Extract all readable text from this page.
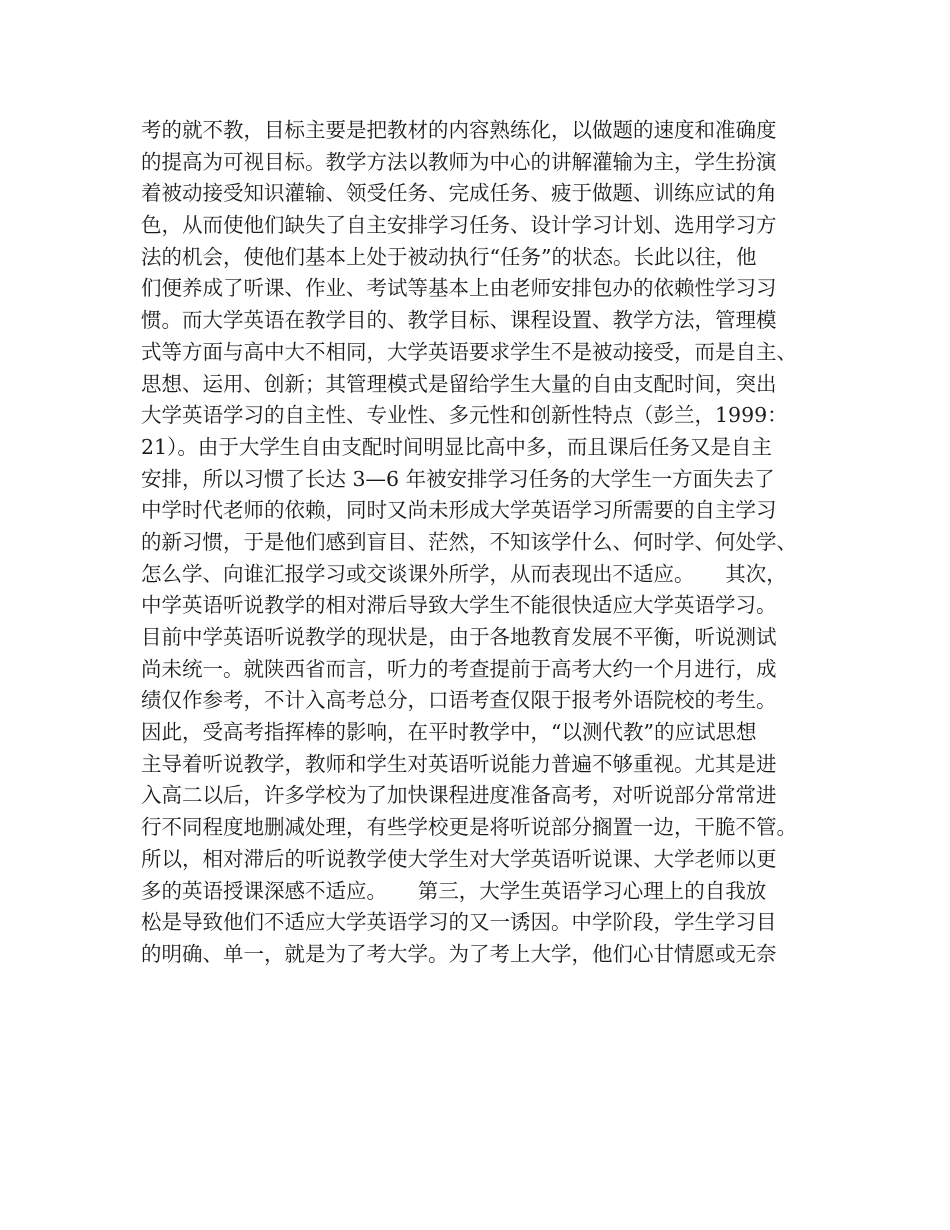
考的就不教，目标主要是把教材的内容熟练化，以做题的速度和准确度
的提高为可视目标。教学方法以教师为中心的讲解灌输为主，学生扮演
着被动接受知识灌输、领受任务、完成任务、疲于做题、训练应试的角
色，从而使他们缺失了自主安排学习任务、设计学习计划、选用学习方
法的机会，使他们基本上处于被动执行“任务”的状态。长此以往，他
们便养成了听课、作业、考试等基本上由老师安排包办的依赖性学习习
惯。而大学英语在教学目的、教学目标、课程设置、教学方法，管理模
式等方面与高中大不相同，大学英语要求学生不是被动接受，而是自主、
思想、运用、创新；其管理模式是留给学生大量的自由支配时间，突出
大学英语学习的自主性、专业性、多元性和创新性特点（彭兰，1999：
21）。由于大学生自由支配时间明显比高中多，而且课后任务又是自主
安排，所以习惯了长达 3—6 年被安排学习任务的大学生一方面失去了
中学时代老师的依赖，同时又尚未形成大学英语学习所需要的自主学习
的新习惯，于是他们感到盲目、茫然，不知该学什么、何时学、何处学、
怎么学、向谁汇报学习或交谈课外所学，从而表现出不适应。　　其次，
中学英语听说教学的相对滞后导致大学生不能很快适应大学英语学习。
目前中学英语听说教学的现状是，由于各地教育发展不平衡，听说测试
尚未统一。就陕西省而言，听力的考查提前于高考大约一个月进行，成
绩仅作参考，不计入高考总分，口语考查仅限于报考外语院校的考生。
因此，受高考指挥棒的影响，在平时教学中，“以测代教”的应试思想
主导着听说教学，教师和学生对英语听说能力普遍不够重视。尤其是进
入高二以后，许多学校为了加快课程进度准备高考，对听说部分常常进
行不同程度地删减处理，有些学校更是将听说部分搁置一边，干脆不管。
所以，相对滞后的听说教学使大学生对大学英语听说课、大学老师以更
多的英语授课深感不适应。　　第三，大学生英语学习心理上的自我放
松是导致他们不适应大学英语学习的又一诱因。中学阶段，学生学习目
的明确、单一，就是为了考大学。为了考上大学，他们心甘情愿或无奈
